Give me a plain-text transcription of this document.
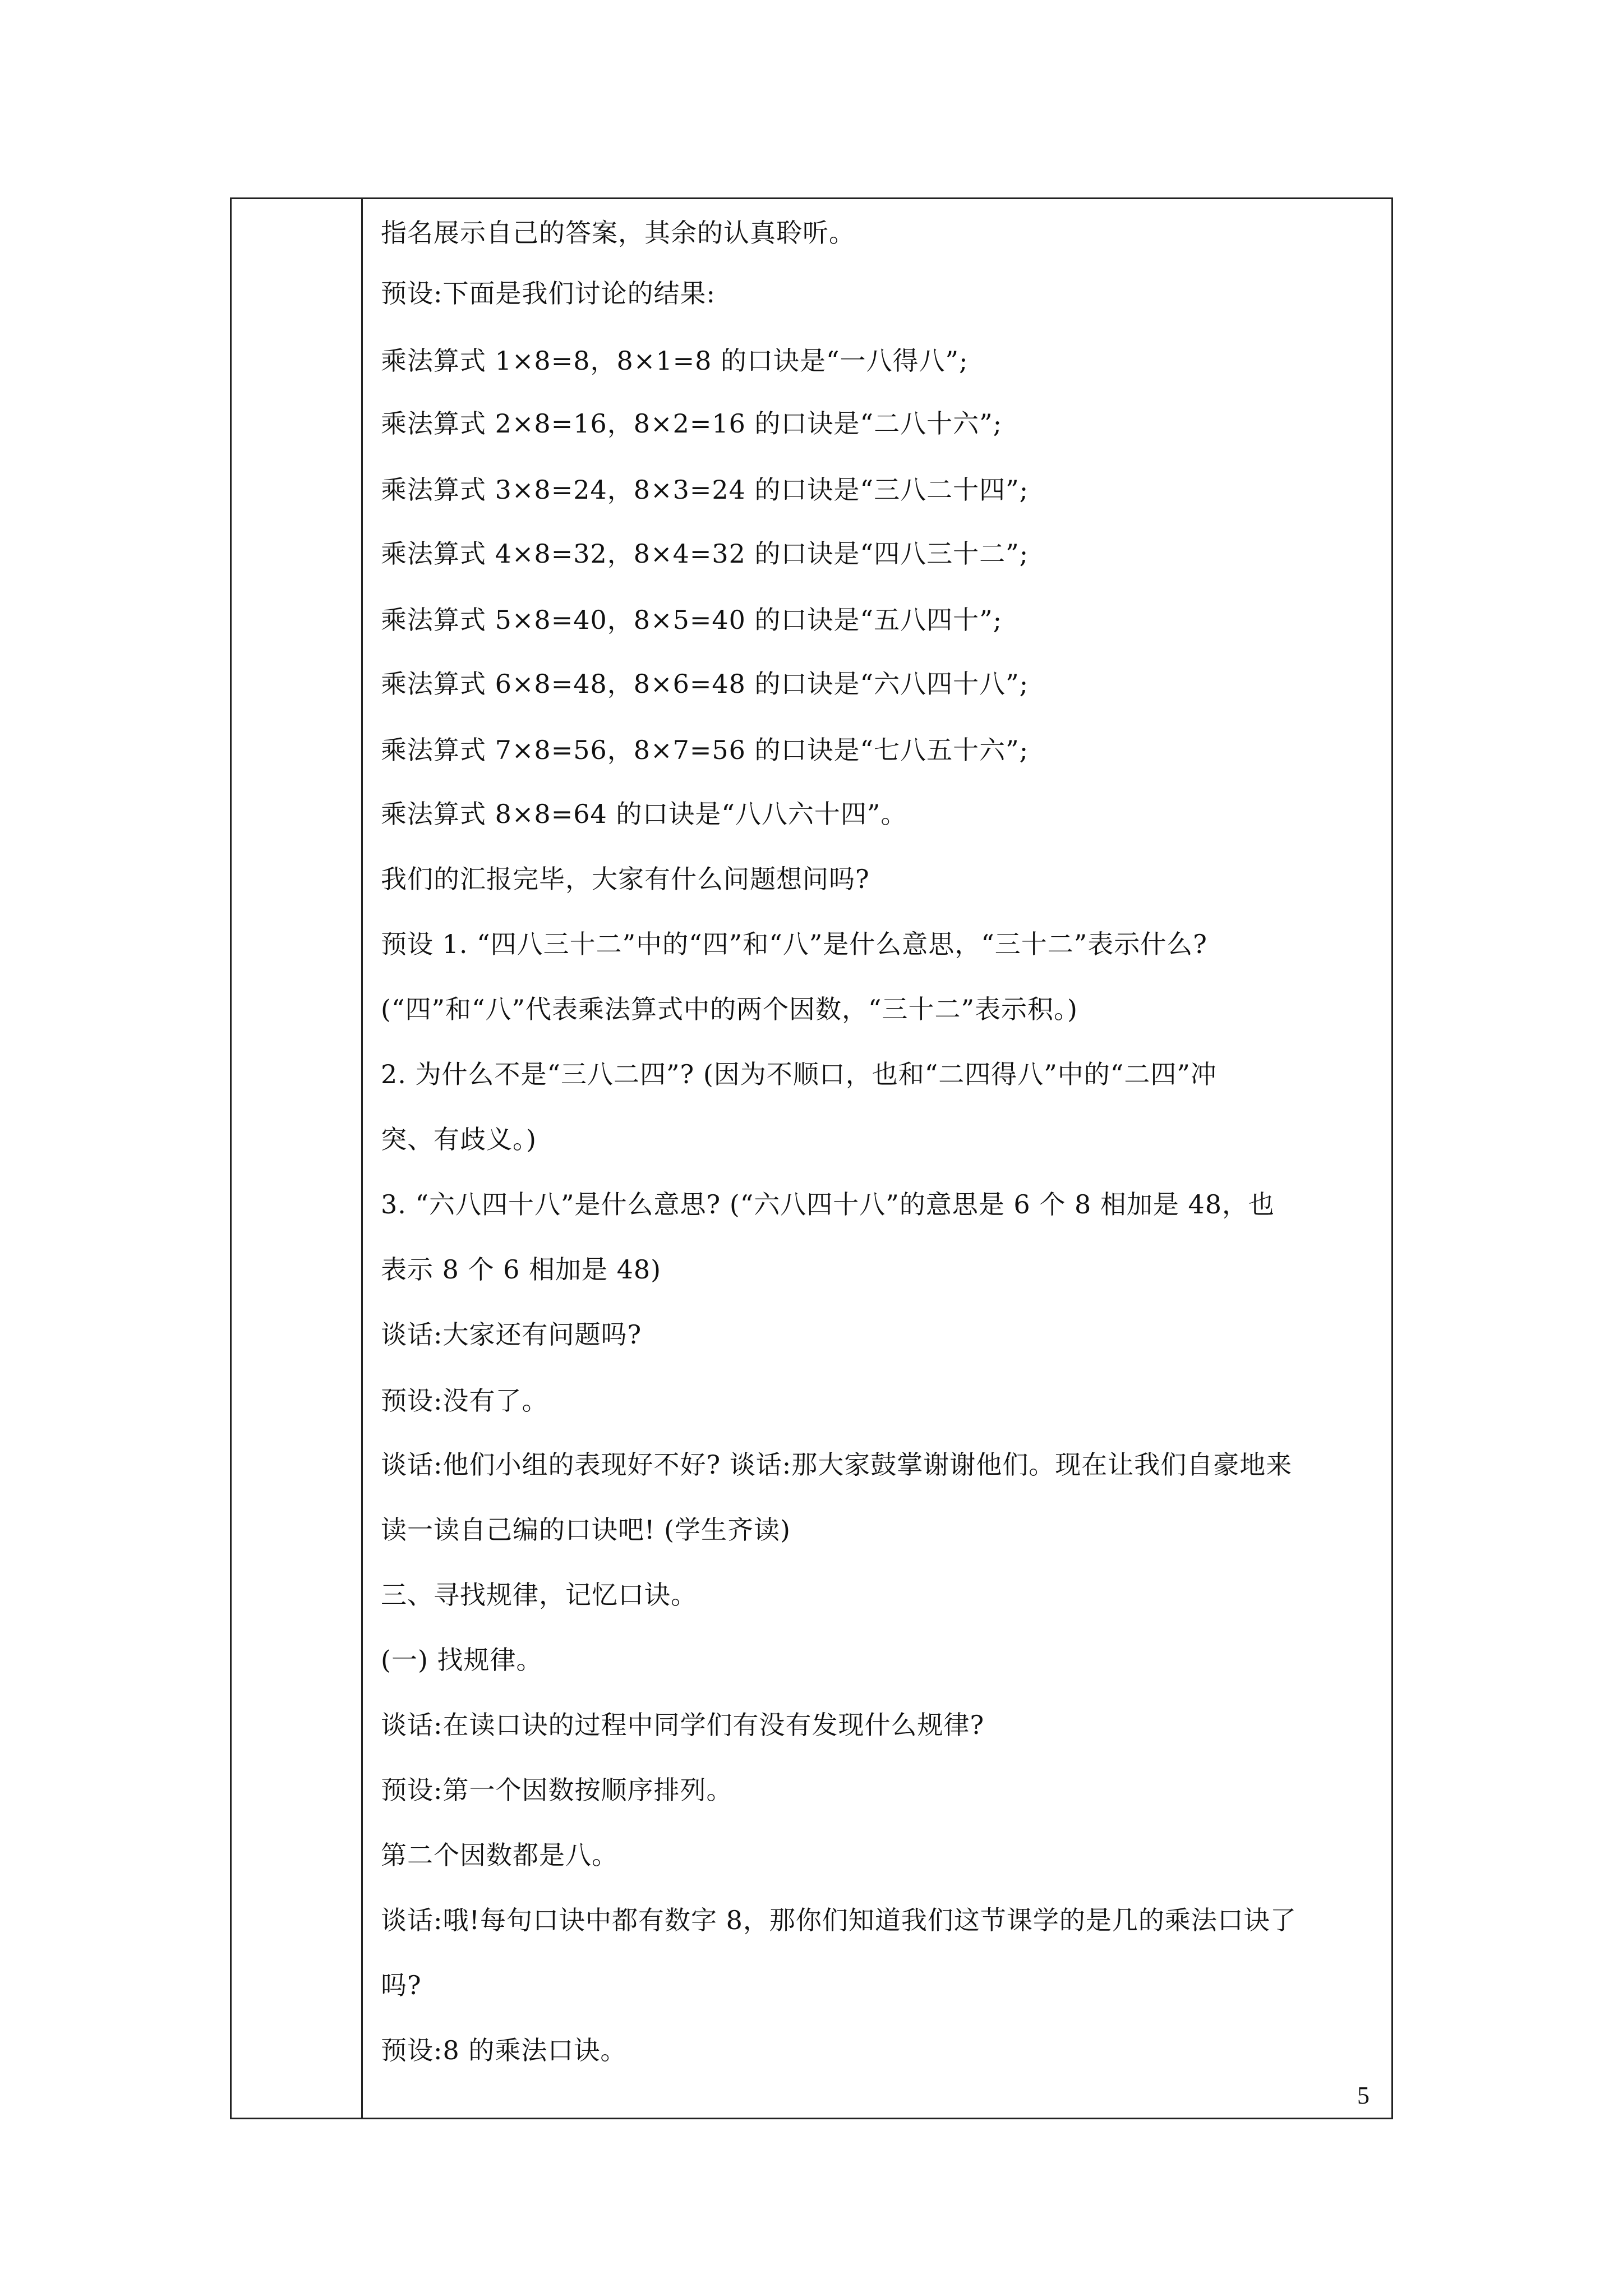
指名展示自己的答案，其余的认真聆听。
预设:下面是我们讨论的结果:
乘法算式 1×8=8，8×1=8 的口诀是“一八得八”;
乘法算式 2×8=16，8×2=16 的口诀是“二八十六”;
乘法算式 3×8=24，8×3=24 的口诀是“三八二十四”;
乘法算式 4×8=32，8×4=32 的口诀是“四八三十二”;
乘法算式 5×8=40，8×5=40 的口诀是“五八四十”;
乘法算式 6×8=48，8×6=48 的口诀是“六八四十八”;
乘法算式 7×8=56，8×7=56 的口诀是“七八五十六”;
乘法算式 8×8=64 的口诀是“八八六十四”。
我们的汇报完毕，大家有什么问题想问吗?
预设 1. “四八三十二”中的“四”和“八”是什么意思，“三十二”表示什么?
(“四”和“八”代表乘法算式中的两个因数，“三十二”表示积。)
2. 为什么不是“三八二四”? (因为不顺口，也和“二四得八”中的“二四”冲
突、有歧义。)
3. “六八四十八”是什么意思? (“六八四十八”的意思是 6 个 8 相加是 48，也
表示 8 个 6 相加是 48)
谈话:大家还有问题吗?
预设:没有了。
谈话:他们小组的表现好不好? 谈话:那大家鼓掌谢谢他们。现在让我们自豪地来
读一读自己编的口诀吧! (学生齐读)
三、寻找规律，记忆口诀。
(一) 找规律。
谈话:在读口诀的过程中同学们有没有发现什么规律?
预设:第一个因数按顺序排列。
第二个因数都是八。
谈话:哦!每句口诀中都有数字 8，那你们知道我们这节课学的是几的乘法口诀了
吗?
预设:8 的乘法口诀。
5
